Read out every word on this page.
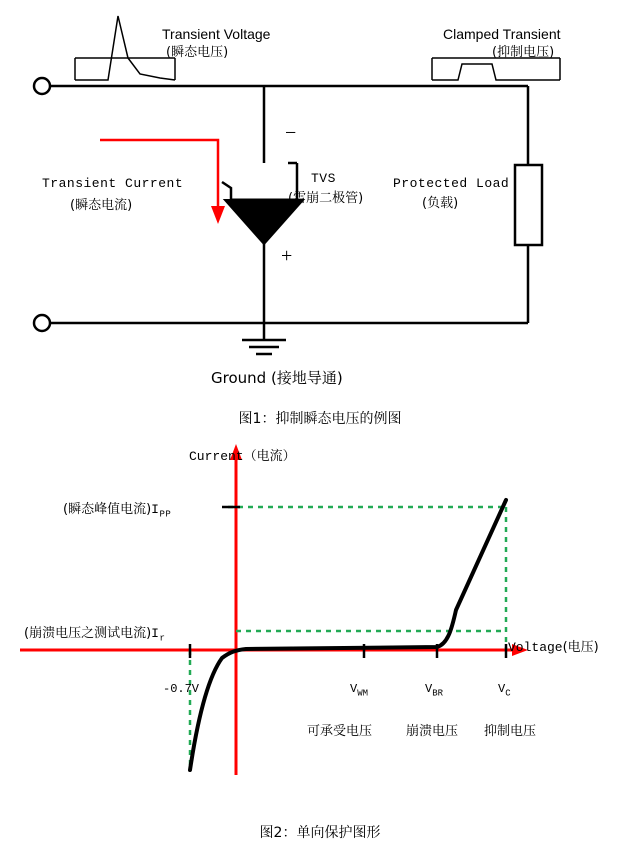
Transient Voltage
(瞬态电压)
Clamped Transient
(抑制电压)
Transient Current
(瞬态电流)
TVS
(雪崩二极管)
Protected Load
(负载)
−
+
Ground (接地导通)
图1：抑制瞬态电压的例图
Current（电流）
Voltage(电压)
(瞬态峰值电流)$I_{PP}$
(崩溃电压之测试电流)$I_r$
-0.7V	$V_{WM}$	$V_{BR}$	$V_C$
可承受电压	崩溃电压 抑制电压
图2：单向保护图形
